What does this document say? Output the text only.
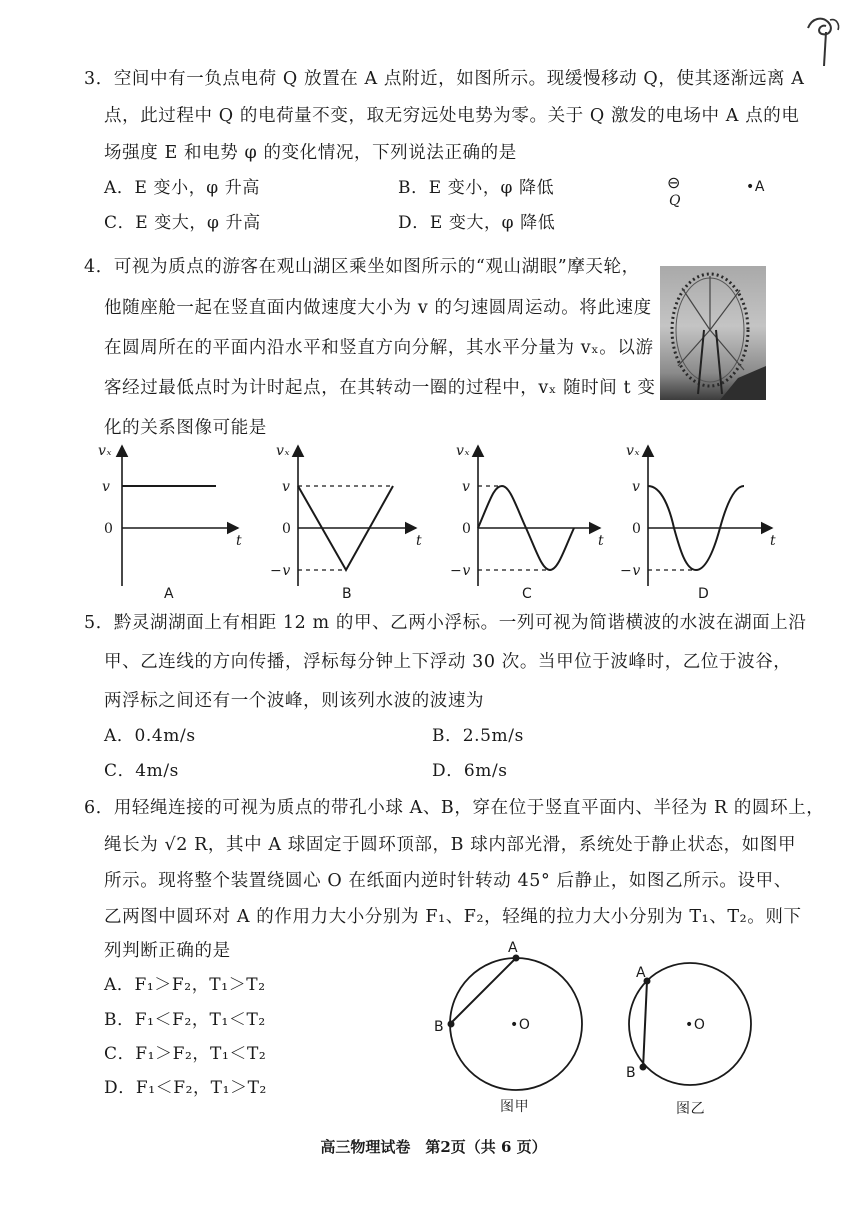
3．空间中有一负点电荷 Q 放置在 A 点附近，如图所示。现缓慢移动 Q，使其逐渐远离 A
点，此过程中 Q 的电荷量不变，取无穷远处电势为零。关于 Q 激发的电场中 A 点的电
场强度 E 和电势 φ 的变化情况，下列说法正确的是
A．E 变小，φ 升高	B．E 变小，φ 降低
C．E 变大，φ 升高	D．E 变大，φ 降低
⊖
Q
•A
4．可视为质点的游客在观山湖区乘坐如图所示的“观山湖眼”摩天轮，
他随座舱一起在竖直面内做速度大小为 v 的匀速圆周运动。将此速度
在圆周所在的平面内沿水平和竖直方向分解，其水平分量为 vₓ。以游
客经过最低点时为计时起点，在其转动一圈的过程中，vₓ 随时间 t 变
化的关系图像可能是
vₓ
v
0
t
A
vₓ
v
0
−v
t
B
vₓ
v
0
−v
t
C
vₓ
v
0
−v
t
D
5．黔灵湖湖面上有相距 12 m 的甲、乙两小浮标。一列可视为简谐横波的水波在湖面上沿
甲、乙连线的方向传播，浮标每分钟上下浮动 30 次。当甲位于波峰时，乙位于波谷，
两浮标之间还有一个波峰，则该列水波的波速为
A．0.4m/s	B．2.5m/s
C．4m/s	D．6m/s
6．用轻绳连接的可视为质点的带孔小球 A、B，穿在位于竖直平面内、半径为 R 的圆环上，
绳长为 √2 R，其中 A 球固定于圆环顶部，B 球内部光滑，系统处于静止状态，如图甲
所示。现将整个装置绕圆心 O 在纸面内逆时针转动 45° 后静止，如图乙所示。设甲、
乙两图中圆环对 A 的作用力大小分别为 F₁、F₂，轻绳的拉力大小分别为 T₁、T₂。则下
列判断正确的是
A．F₁＞F₂，T₁＞T₂
B．F₁＜F₂，T₁＜T₂
C．F₁＞F₂，T₁＜T₂
D．F₁＜F₂，T₁＞T₂
A
B	•O
图甲
A
B
•O
图乙
高三物理试卷　第2页（共 6 页）
